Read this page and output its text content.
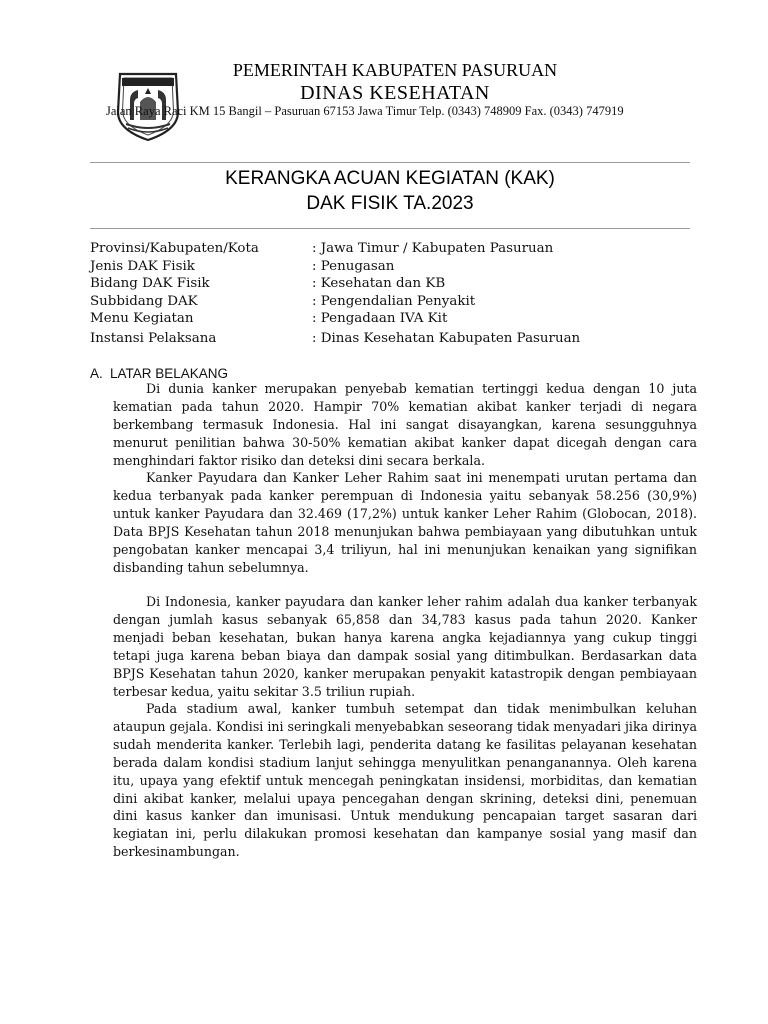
KABUPATEN PASURUAN	PEMERINTAH KABUPATEN PASURUAN
DINAS KESEHATAN
Jalan Raya Raci KM 15 Bangil – Pasuruan 67153 Jawa Timur Telp. (0343) 748909 Fax. (0343) 747919
KERANGKA ACUAN KEGIATAN (KAK)
DAK FISIK TA.2023
Provinsi/Kabupaten/Kota	: Jawa Timur / Kabupaten Pasuruan
Jenis DAK Fisik	: Penugasan
Bidang DAK Fisik	: Kesehatan dan KB
Subbidang DAK	: Pengendalian Penyakit
Menu Kegiatan	: Pengadaan IVA Kit
Instansi Pelaksana	: Dinas Kesehatan Kabupaten Pasuruan
A. LATAR BELAKANG

Di dunia kanker merupakan penyebab kematian tertinggi kedua dengan 10 juta kematian pada tahun 2020. Hampir 70% kematian akibat kanker terjadi di negara berkembang termasuk Indonesia. Hal ini sangat disayangkan, karena sesungguhnya menurut penilitian bahwa 30-50% kematian akibat kanker dapat dicegah dengan cara menghindari faktor risiko dan deteksi dini secara berkala.

Kanker Payudara dan Kanker Leher Rahim saat ini menempati urutan pertama dan kedua terbanyak pada kanker perempuan di Indonesia yaitu sebanyak 58.256 (30,9%) untuk kanker Payudara dan 32.469 (17,2%) untuk kanker Leher Rahim (Globocan, 2018). Data BPJS Kesehatan tahun 2018 menunjukan bahwa pembiayaan yang dibutuhkan untuk pengobatan kanker mencapai 3,4 triliyun, hal ini menunjukan kenaikan yang signifikan disbanding tahun sebelumnya.

Di Indonesia, kanker payudara dan kanker leher rahim adalah dua kanker terbanyak dengan jumlah kasus sebanyak 65,858 dan 34,783 kasus pada tahun 2020. Kanker menjadi beban kesehatan, bukan hanya karena angka kejadiannya yang cukup tinggi tetapi juga karena beban biaya dan dampak sosial yang ditimbulkan. Berdasarkan data BPJS Kesehatan tahun 2020, kanker merupakan penyakit katastropik dengan pembiayaan terbesar kedua, yaitu sekitar 3.5 triliun rupiah.

Pada stadium awal, kanker tumbuh setempat dan tidak menimbulkan keluhan ataupun gejala. Kondisi ini seringkali menyebabkan seseorang tidak menyadari jika dirinya sudah menderita kanker. Terlebih lagi, penderita datang ke fasilitas pelayanan kesehatan berada dalam kondisi stadium lanjut sehingga menyulitkan penanganannya. Oleh karena itu, upaya yang efektif untuk mencegah peningkatan insidensi, morbiditas, dan kematian dini akibat kanker, melalui upaya pencegahan dengan skrining, deteksi dini, penemuan dini kasus kanker dan imunisasi. Untuk mendukung pencapaian target sasaran dari kegiatan ini, perlu dilakukan promosi kesehatan dan kampanye sosial yang masif dan berkesinambungan.
